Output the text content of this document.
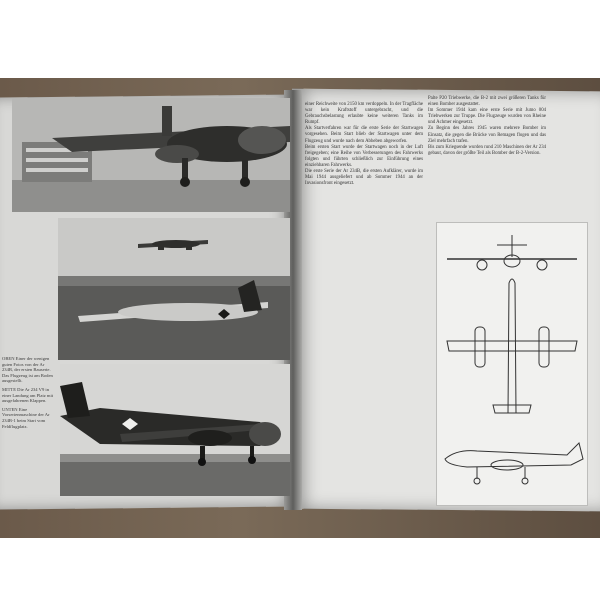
OBEN Einer der wenigen guten Fotos von der Ar 234B, der ersten Bauserie. Das Flugzeug ist am Boden ausgestellt.

MITTE Die Ar 234 V9 in einer Landung am Platz mit ausgefahrenen Klappen.

UNTEN Eine Vorserienmaschine der Ar 234B-1 beim Start vom Feldflugplatz.

einer Reichweite von 2150 km verdoppeln. In der Tragfläche war kein Kraftstoff untergebracht, und die Gebrauchsbelastung erlaubte keine weiteren Tanks im Rumpf.
Als Startverfahren war für die erste Serie der Startwagen vorgesehen. Beim Start blieb der Startwagen unter dem Flugzeug und wurde nach dem Abheben abgeworfen.
Beim ersten Start wurde der Startwagen noch in der Luft freigegeben; eine Reihe von Verbesserungen des Fahrwerks folgten und führten schließlich zur Einführung eines einziehbaren Fahrwerks.
Die erste Serie der Ar 234B, die ersten Aufklärer, wurde im Mai 1944 ausgeliefert und ab Sommer 1944 an der Invasionsfront eingesetzt.
Palte P20 Triebwerke, die B-2 mit zwei größeren Tanks für einen Bomber ausgestattet.
Im Sommer 1944 kam eine erste Serie mit Jumo 004 Triebwerken zur Truppe. Die Flugzeuge wurden von Rheine und Achmer eingesetzt.
Zu Beginn des Jahres 1945 waren mehrere Bomber im Einsatz, die gegen die Brücke von Remagen flogen und das Ziel mehrfach trafen.
Bis zum Kriegsende wurden rund 210 Maschinen der Ar 234 gebaut, davon der größte Teil als Bomber der B-2-Version.
